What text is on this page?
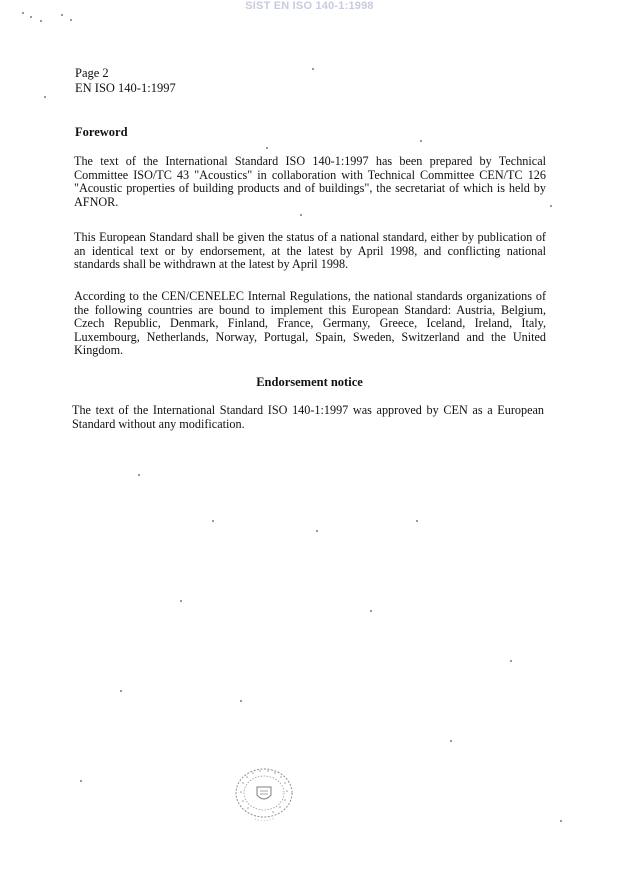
SIST EN ISO 140-1:1998
Page 2
EN ISO 140-1:1997
Foreword

The text of the International Standard ISO 140-1:1997 has been prepared by Technical Committee ISO/TC 43 "Acoustics" in collaboration with Technical Committee CEN/TC 126 "Acoustic properties of building products and of buildings", the secretariat of which is held by AFNOR.

This European Standard shall be given the status of a national standard, either by publication of an identical text or by endorsement, at the latest by April 1998, and conflicting national standards shall be withdrawn at the latest by April 1998.

According to the CEN/CENELEC Internal Regulations, the national standards organizations of the following countries are bound to implement this European Standard: Austria, Belgium, Czech Republic, Denmark, Finland, France, Germany, Greece, Iceland, Ireland, Italy, Luxembourg, Netherlands, Norway, Portugal, Spain, Sweden, Switzerland and the United Kingdom.

Endorsement notice

The text of the International Standard ISO 140-1:1997 was approved by CEN as a European Standard without any modification.
